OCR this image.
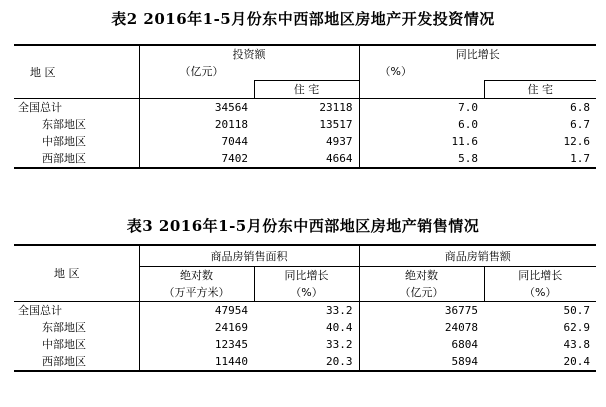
表2 2016年1-5月份东中西部地区房地产开发投资情况
地 区	投资额		同比增长	
	（亿元）		（%）	
		住 宅		住 宅
全国总计	34564	23118	7.0	6.8
东部地区	20118	13517	6.0	6.7
中部地区	7044	4937	11.6	12.6
西部地区	7402	4664	5.8	1.7
表3 2016年1-5月份东中西部地区房地产销售情况
地 区	商品房销售面积		商品房销售额	
	绝对数	同比增长	绝对数	同比增长
	（万平方米）	（%）	（亿元）	（%）
全国总计	47954	33.2	36775	50.7
东部地区	24169	40.4	24078	62.9
中部地区	12345	33.2	6804	43.8
西部地区	11440	20.3	5894	20.4
